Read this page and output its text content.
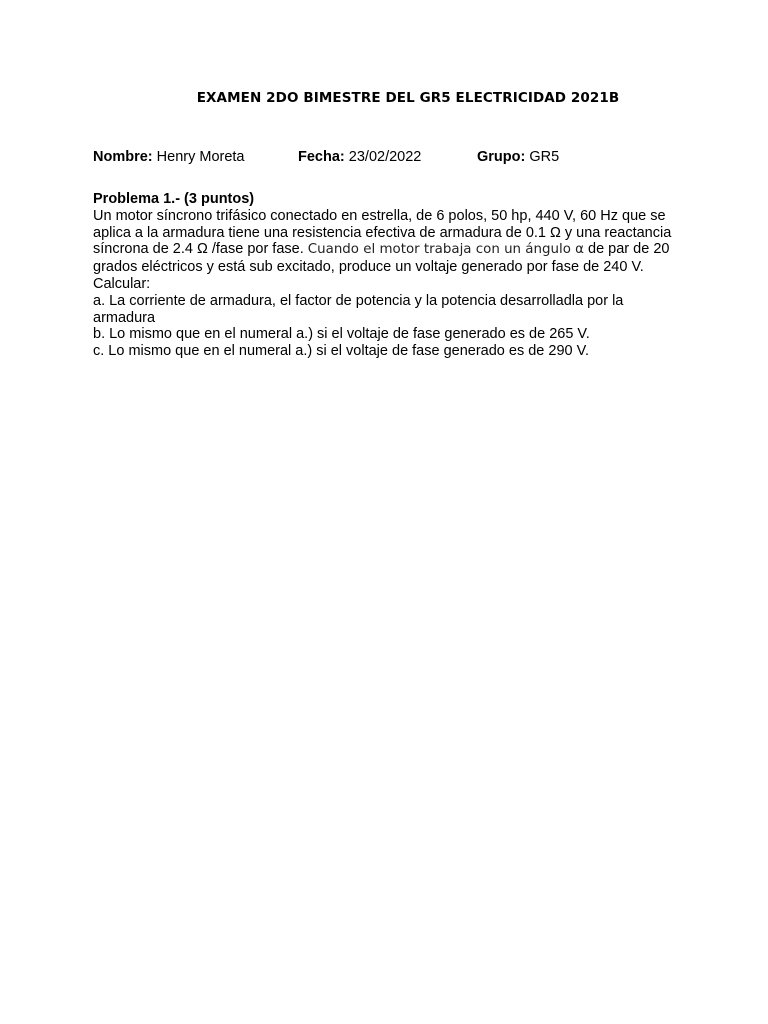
EXAMEN 2DO BIMESTRE DEL GR5 ELECTRICIDAD 2021B
Nombre: Henry Moreta	Fecha: 23/02/2022	Grupo: GR5
Problema 1.- (3 puntos)
Un motor síncrono trifásico conectado en estrella, de 6 polos, 50 hp, 440 V, 60 Hz que se
aplica a la armadura tiene una resistencia efectiva de armadura de 0.1 Ω y una reactancia
síncrona de 2.4 Ω /fase por fase. Cuando el motor trabaja con un ángulo α de par de 20
grados eléctricos y está sub excitado, produce un voltaje generado por fase de 240 V.
Calcular:
a. La corriente de armadura, el factor de potencia y la potencia desarrolladla por la
armadura
b. Lo mismo que en el numeral a.) si el voltaje de fase generado es de 265 V.
c. Lo mismo que en el numeral a.) si el voltaje de fase generado es de 290 V.
